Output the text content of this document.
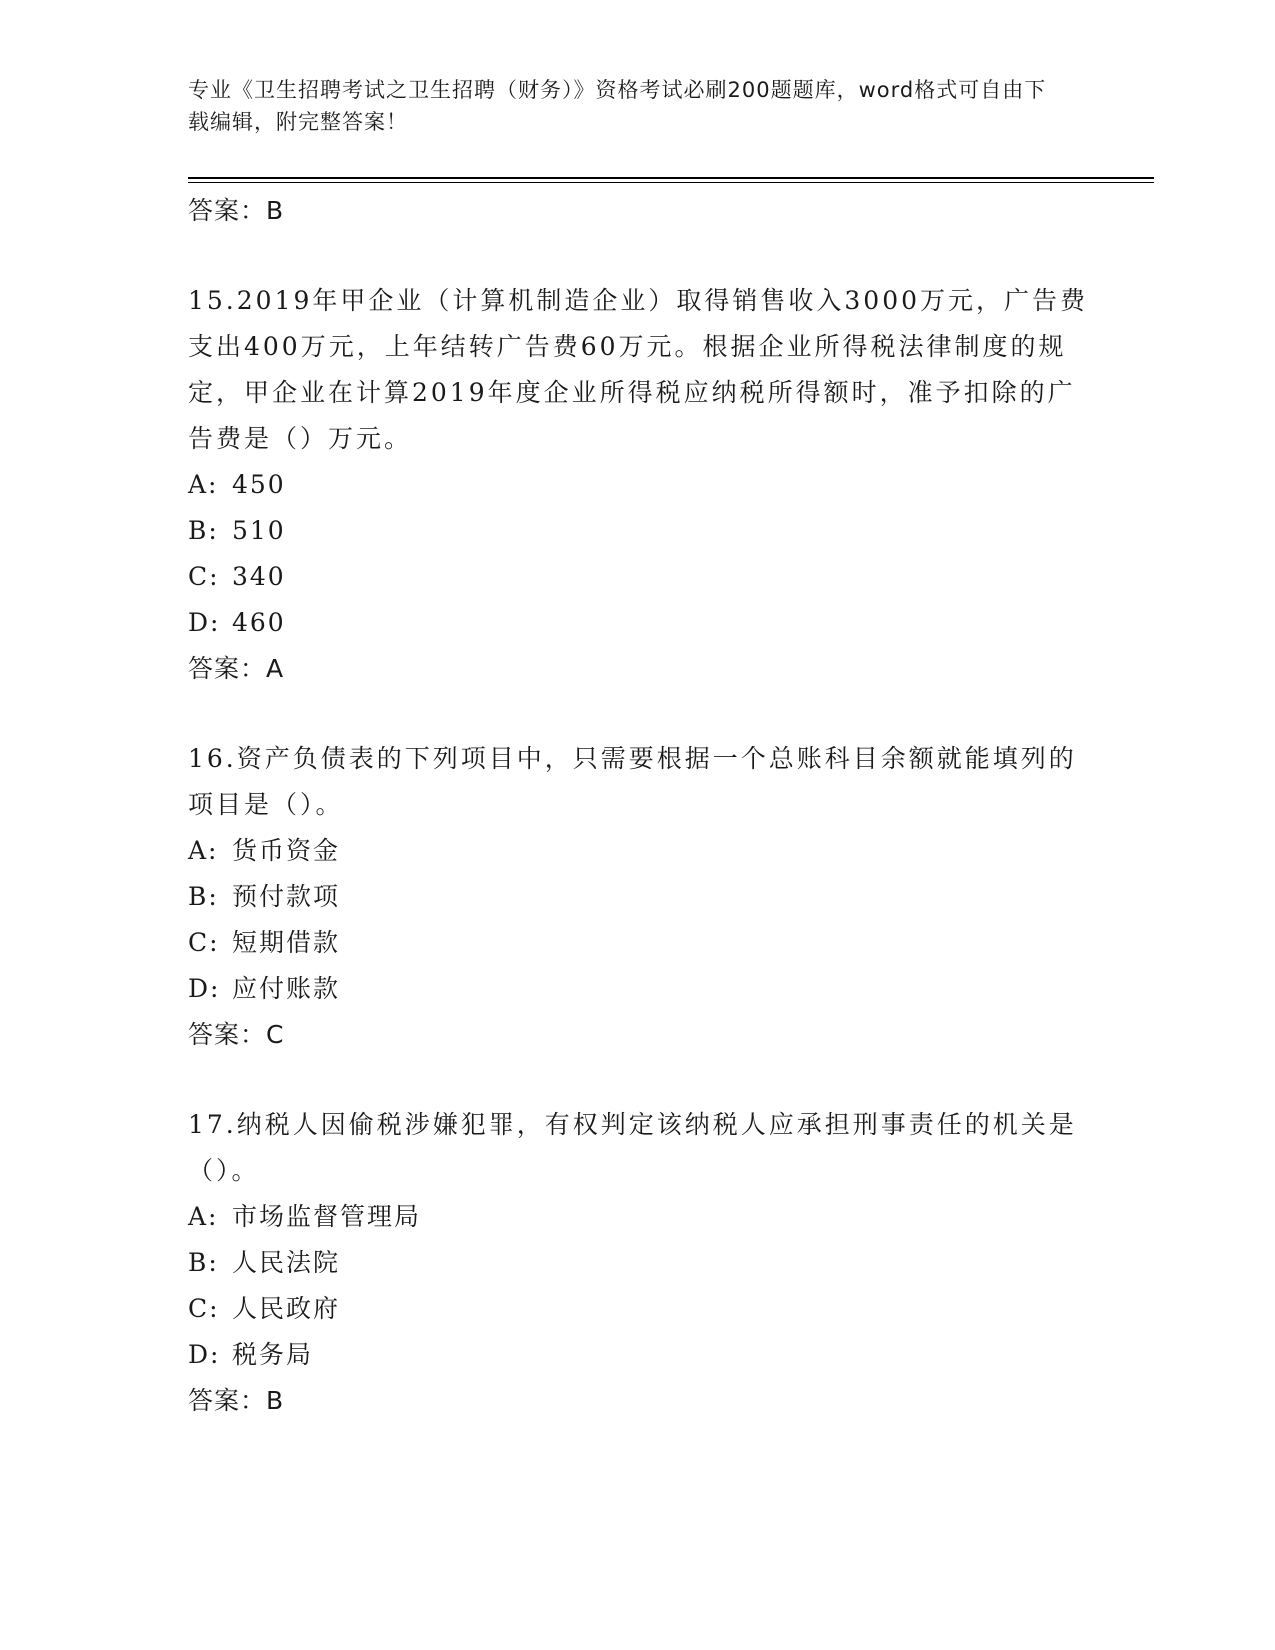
专业《卫生招聘考试之卫生招聘（财务）》资格考试必刷200题题库，word格式可自由下载编辑，附完整答案！

答案：B

15.2019年甲企业（计算机制造企业）取得销售收入3000万元，广告费支出400万元，上年结转广告费60万元。根据企业所得税法律制度的规定，甲企业在计算2019年度企业所得税应纳税所得额时，准予扣除的广告费是（）万元。

A: 450

B: 510

C: 340

D: 460

答案：A

16.资产负债表的下列项目中，只需要根据一个总账科目余额就能填列的项目是（）。

A: 货币资金

B: 预付款项

C: 短期借款

D: 应付账款

答案：C

17.纳税人因偷税涉嫌犯罪，有权判定该纳税人应承担刑事责任的机关是（）。

A: 市场监督管理局

B: 人民法院

C: 人民政府

D: 税务局

答案：B
